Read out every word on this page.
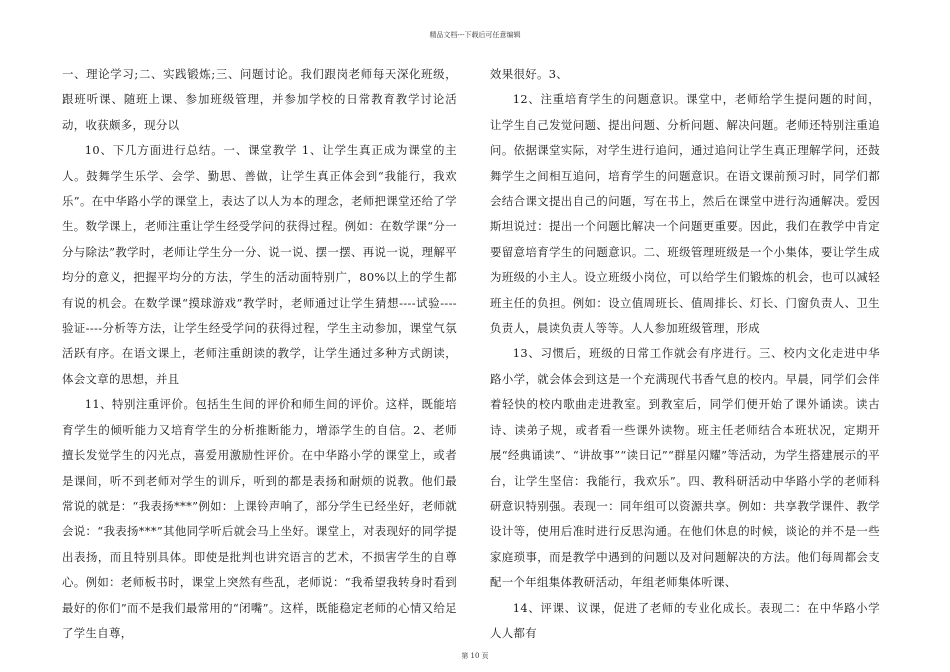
精品文档---下载后可任意编辑

一、理论学习;二、实践锻炼;三、问题讨论。我们跟岗老师每天深化班级，跟班听课、随班上课、参加班级管理，并参加学校的日常教育教学讨论活动，收获颇多，现分以

10、下几方面进行总结。一、课堂教学 1、让学生真正成为课堂的主人。鼓舞学生乐学、会学、勤思、善做，让学生真正体会到“我能行，我欢乐”。在中华路小学的课堂上，表达了以人为本的理念，老师把课堂还给了学生。数学课上，老师注重让学生经受学问的获得过程。例如：在数学课“分一分与除法”教学时，老师让学生分一分、说一说、摆一摆、再说一说，理解平均分的意义，把握平均分的方法，学生的活动面特别广，80%以上的学生都有说的机会。在数学课“摸球游戏”教学时，老师通过让学生猜想----试验----验证----分析等方法，让学生经受学问的获得过程，学生主动参加，课堂气氛活跃有序。在语文课上，老师注重朗读的教学，让学生通过多种方式朗读，体会文章的思想，并且

11、特别注重评价。包括生生间的评价和师生间的评价。这样，既能培育学生的倾听能力又培育学生的分析推断能力，增添学生的自信。2、老师擅长发觉学生的闪光点，喜爱用激励性评价。在中华路小学的课堂上，或者是课间，听不到老师对学生的训斥，听到的都是表扬和耐烦的说教。他们最常说的就是：“我表扬***”例如：上课铃声响了，部分学生已经坐好，老师就会说：“我表扬***”其他同学听后就会马上坐好。课堂上，对表现好的同学提出表扬，而且特别具体。即使是批判也讲究语言的艺术，不损害学生的自尊心。例如：老师板书时，课堂上突然有些乱，老师说：“我希望我转身时看到最好的你们”而不是我们最常用的“闭嘴”。这样，既能稳定老师的心情又给足了学生自尊，

效果很好。3、

12、注重培育学生的问题意识。课堂中，老师给学生提问题的时间，让学生自己发觉问题、提出问题、分析问题、解决问题。老师还特别注重追问。依据课堂实际，对学生进行追问，通过追问让学生真正理解学问，还鼓舞学生之间相互追问，培育学生的问题意识。在语文课前预习时，同学们都会结合课文提出自己的问题，写在书上，然后在课堂中进行沟通解决。爱因斯坦说过：提出一个问题比解决一个问题更重要。因此，我们在教学中肯定要留意培育学生的问题意识。二、班级管理班级是一个小集体，要让学生成为班级的小主人。设立班级小岗位，可以给学生们锻炼的机会，也可以减轻班主任的负担。例如：设立值周班长、值周排长、灯长、门窗负责人、卫生负责人，晨读负责人等等。人人参加班级管理，形成

13、习惯后，班级的日常工作就会有序进行。三、校内文化走进中华路小学，就会体会到这是一个充满现代书香气息的校内。早晨，同学们会伴着轻快的校内歌曲走进教室。到教室后，同学们便开始了课外诵读。读古诗、读弟子规，或者看一些课外读物。班主任老师结合本班状况，定期开展“经典诵读”、“讲故事”“读日记”“群星闪耀”等活动，为学生搭建展示的平台，让学生坚信：我能行，我欢乐”。四、教科研活动中华路小学的老师科研意识特别强。表现一：同年组可以资源共享。例如：共享教学课件、教学设计等，使用后准时进行反思沟通。在他们休息的时候，谈论的并不是一些家庭琐事，而是教学中遇到的问题以及对问题解决的方法。他们每周都会支配一个年组集体教研活动，年组老师集体听课、

14、评课、议课，促进了老师的专业化成长。表现二：在中华路小学人人都有

第 10 页
